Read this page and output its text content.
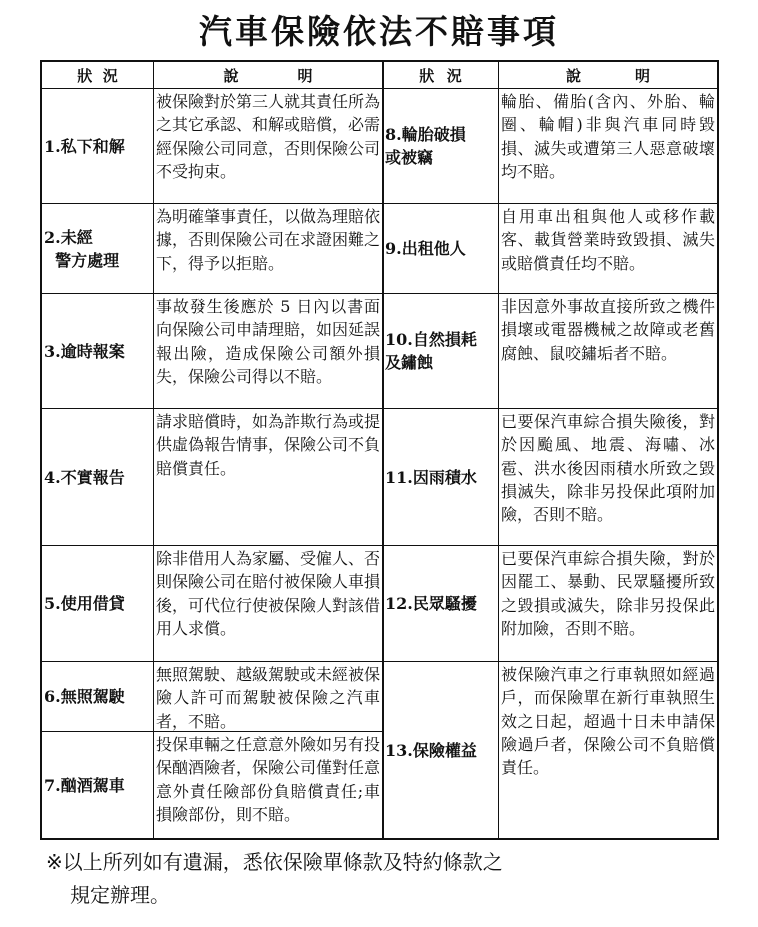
汽車保險依法不賠事項
狀 況	說	明	狀 況	說	明
1.私下和解
被保險對於第三人就其責任所為之其它承認、和解或賠償，必需經保險公司同意，否則保險公司不受拘束。
2.未經
警方處理
為明確肇事責任，以做為理賠依據，否則保險公司在求證困難之下，得予以拒賠。
3.逾時報案
事故發生後應於 5 日內以書面向保險公司申請理賠，如因延誤報出險，造成保險公司額外損失，保險公司得以不賠。
4.不實報告
請求賠償時，如為詐欺行為或提供虛偽報告情事，保險公司不負賠償責任。
5.使用借貸
除非借用人為家屬、受僱人、否則保險公司在賠付被保險人車損後，可代位行使被保險人對該借用人求償。
6.無照駕駛
無照駕駛、越級駕駛或未經被保險人許可而駕駛被保險之汽車者，不賠。
7.酗酒駕車
投保車輛之任意意外險如另有投保酗酒險者，保險公司僅對任意意外責任險部份負賠償責任;車損險部份，則不賠。
8.輪胎破損
或被竊
輪胎、備胎(含內、外胎、輪圈、輪帽)非與汽車同時毀損、滅失或遭第三人惡意破壞均不賠。
9.出租他人
自用車出租與他人或移作載客、載貨營業時致毀損、滅失或賠償責任均不賠。
10.自然損耗
及鏽蝕
非因意外事故直接所致之機件損壞或電器機械之故障或老舊腐蝕、鼠咬鏽垢者不賠。
11.因雨積水
已要保汽車綜合損失險後，對於因颱風、地震、海嘯、冰雹、洪水後因雨積水所致之毀損滅失，除非另投保此項附加險，否則不賠。
12.民眾騷擾
已要保汽車綜合損失險，對於因罷工、暴動、民眾騷擾所致之毀損或滅失，除非另投保此附加險，否則不賠。
13.保險權益
被保險汽車之行車執照如經過戶，而保險單在新行車執照生效之日起，超過十日未申請保險過戶者，保險公司不負賠償責任。
※以上所列如有遺漏，悉依保險單條款及特約條款之
規定辦理。
